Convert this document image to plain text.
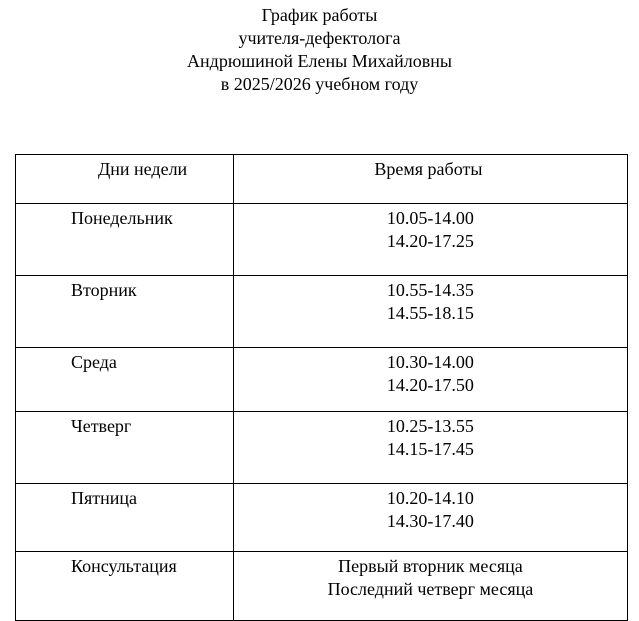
График работы
учителя-дефектолога
Андрюшиной Елены Михайловны
в 2025/2026 учебном году
Дни недели	Время работы
Понедельник	10.05-14.00
14.20-17.25

Вторник	10.55-14.35
14.55-18.15

Среда	10.30-14.00
14.20-17.50

Четверг	10.25-13.55
14.15-17.45

Пятница	10.20-14.10
14.30-17.40

Консультация	Первый вторник месяца
Последний четверг месяца
